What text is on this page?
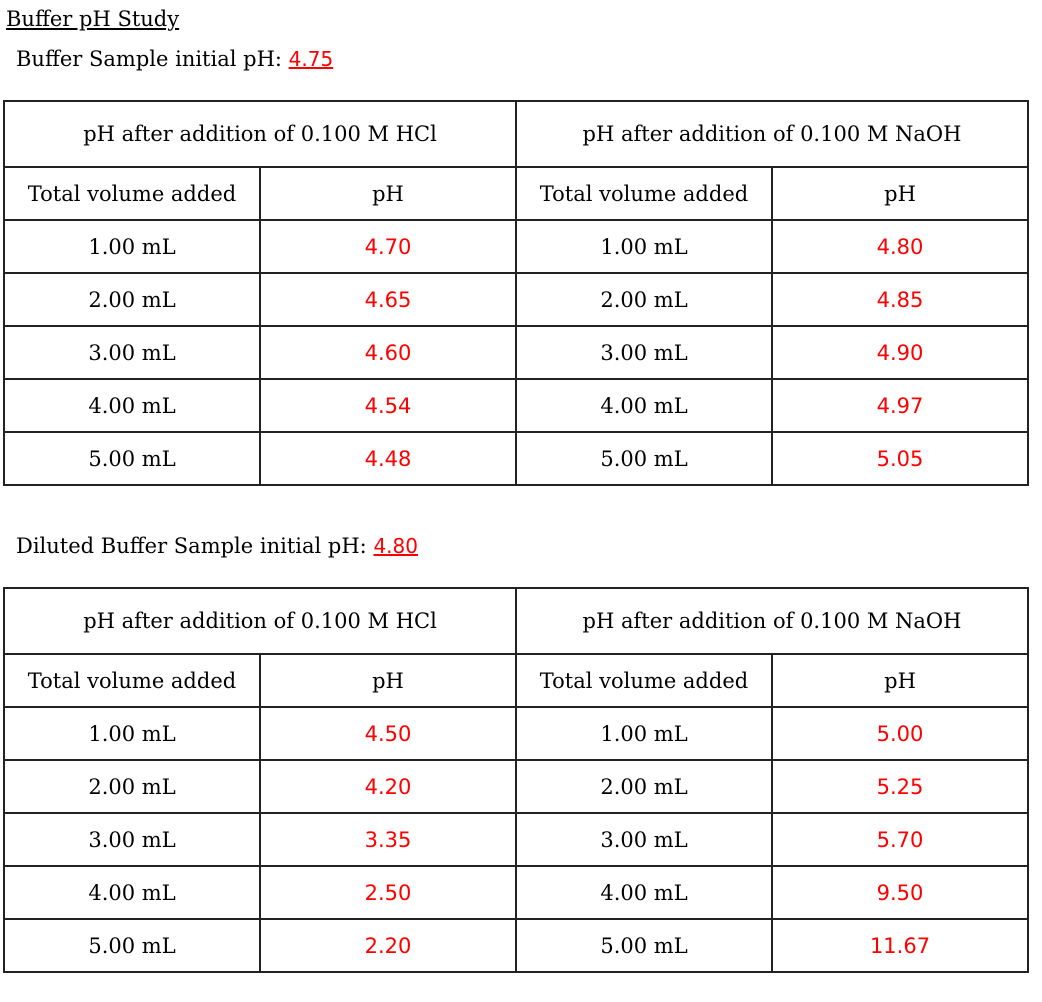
Buffer pH Study
Buffer Sample initial pH: 4.75
pH after addition of 0.100 M HCl		pH after addition of 0.100 M NaOH	
Total volume added	pH	Total volume added	pH
1.00 mL	4.70	1.00 mL	4.80
2.00 mL	4.65	2.00 mL	4.85
3.00 mL	4.60	3.00 mL	4.90
4.00 mL	4.54	4.00 mL	4.97
5.00 mL	4.48	5.00 mL	5.05
Diluted Buffer Sample initial pH: 4.80
pH after addition of 0.100 M HCl		pH after addition of 0.100 M NaOH	
Total volume added	pH	Total volume added	pH
1.00 mL	4.50	1.00 mL	5.00
2.00 mL	4.20	2.00 mL	5.25
3.00 mL	3.35	3.00 mL	5.70
4.00 mL	2.50	4.00 mL	9.50
5.00 mL	2.20	5.00 mL	11.67
